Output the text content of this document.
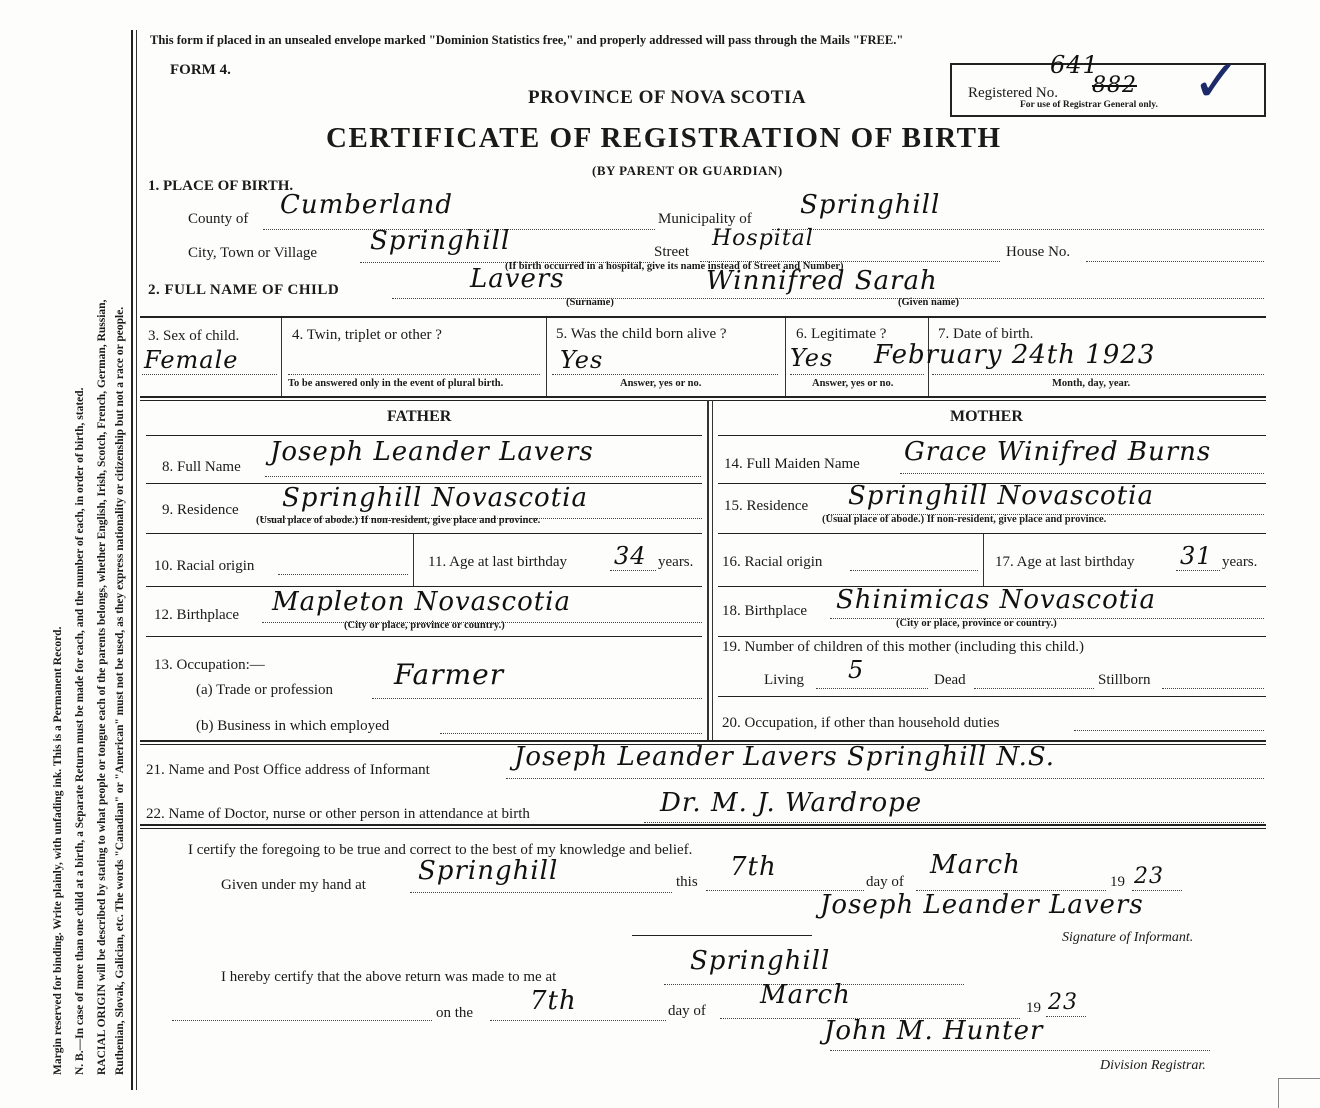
Margin reserved for binding. Write plainly, with unfading ink. This is a Permanent Record. N. B.—In case of more than one child at a birth, a Separate Return must be made for each, and the number of each, in order of birth, stated. RACIAL ORIGIN will be described by stating to what people or tongue each of the parents belongs, whether English, Irish, Scotch, French, German, Russian, Ruthenian, Slovak, Galician, etc. The words "Canadian" or "American" must not be used, as they express nationality or citizenship but not a race or people.
This form if placed in an unsealed envelope marked "Dominion Statistics free," and properly addressed will pass through the Mails "FREE."
FORM 4.
PROVINCE OF NOVA SCOTIA
CERTIFICATE OF REGISTRATION OF BIRTH
(BY PARENT OR GUARDIAN)
Registered No.
641
882
For use of Registrar General only. ✓
1. PLACE OF BIRTH.
County of Cumberland	Municipality of Springhill
City, Town or Village Springhill	Street
Hospital
House No.
(If birth occurred in a hospital, give its name instead of Street and Number)
2. FULL NAME OF CHILD	Lavers	Winnifred Sarah
(Surname)	(Given name)
3. Sex of child.
Female
4. Twin, triplet or other ?
To be answered only in the event of plural birth.
5. Was the child born alive ?
Yes
Answer, yes or no.
6. Legitimate ?
Yes
Answer, yes or no.
7. Date of birth.
February 24th 1923
Month, day, year.
FATHER	MOTHER
8. Full Name Joseph Leander Lavers	14. Full Maiden Name Grace Winifred Burns
9. Residence Springhill Novascotia
(Usual place of abode.) If non-resident, give place and province.
15. Residence Springhill Novascotia
(Usual place of abode.) If non-resident, give place and province.
10. Racial origin	11. Age at last birthday 34 years. 16. Racial origin	17. Age at last birthday 31 years.
12. Birthplace Mapleton Novascotia
(City or place, province or country.)
18. Birthplace Shinimicas Novascotia
(City or place, province or country.)
13. Occupation:—
(a) Trade or profession Farmer
(b) Business in which employed
19. Number of children of this mother (including this child.)
Living 5	Dead	Stillborn
20. Occupation, if other than household duties
21. Name and Post Office address of Informant	Joseph Leander Lavers Springhill N.S.
22. Name of Doctor, nurse or other person in attendance at birth	Dr. M. J. Wardrope
I certify the foregoing to be true and correct to the best of my knowledge and belief.
Given under my hand at Springhill	this 7th	day of
March
19 23
Joseph Leander Lavers
Signature of Informant.
I hereby certify that the above return was made to me at
Springhill
on the 7th	day of
March	19 23
John M. Hunter
Division Registrar.
